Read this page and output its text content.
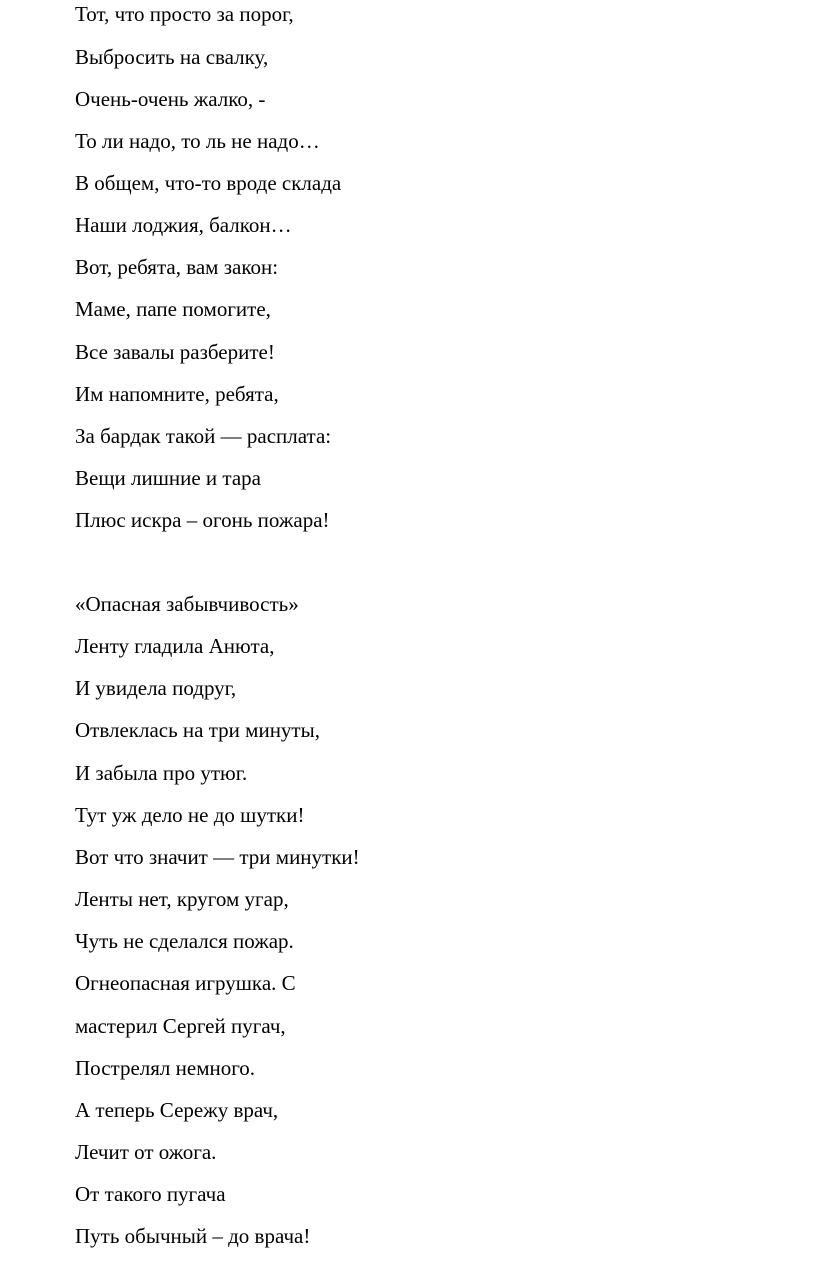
Тот, что просто за порог,

Выбросить на свалку,

Очень-очень жалко, -

То ли надо, то ль не надо…

В общем, что-то вроде склада

Наши лоджия, балкон…

Вот, ребята, вам закон:

Маме, папе помогите,

Все завалы разберите!

Им напомните, ребята,

За бардак такой — расплата:

Вещи лишние и тара

Плюс искра – огонь пожара!

«Опасная забывчивость»

Ленту гладила Анюта,

И увидела подруг,

Отвлеклась на три минуты,

И забыла про утюг.

Тут уж дело не до шутки!

Вот что значит — три минутки!

Ленты нет, кругом угар,

Чуть не сделался пожар.

Огнеопасная игрушка. С

мастерил Сергей пугач,

Пострелял немного.

А теперь Сережу врач,

Лечит от ожога.

От такого пугача

Путь обычный – до врача!
